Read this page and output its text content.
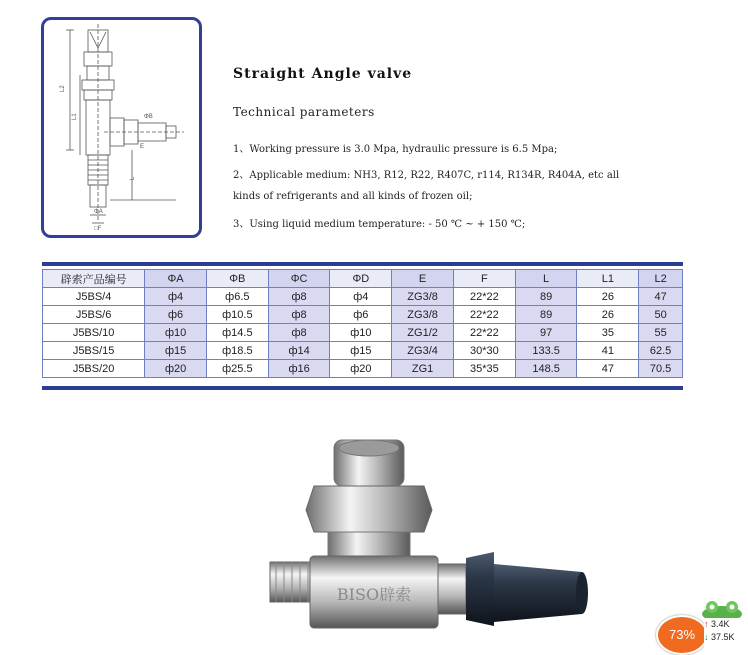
L2
L1
L
ΦA
□F
ΦB
E
Straight Angle valve
Technical parameters
1、Working pressure is 3.0 Mpa, hydraulic pressure is 6.5 Mpa;
2、Applicable medium: NH3, R12, R22, R407C, r114, R134R, R404A, etc all
kinds of refrigerants and all kinds of frozen oil;
3、Using liquid medium temperature: - 50 ℃ ~ + 150 ℃;
辟索产品编号	ΦA	ΦB	ΦC	ΦD	E	F	L	L1	L2
J5BS/4	ф4	ф6.5	ф8	ф4	ZG3/8	22*22	89	26	47
J5BS/6	ф6	ф10.5	ф8	ф6	ZG3/8	22*22	89	26	50
J5BS/10	ф10	ф14.5	ф8	ф10	ZG1/2	22*22	97	35	55
J5BS/15	ф15	ф18.5	ф14	ф15	ZG3/4	30*30	133.5	41	62.5
J5BS/20	ф20	ф25.5	ф16	ф20	ZG1	35*35	148.5	47	70.5
BISO辟索
73%
↑ 3.4K
↓ 37.5K
